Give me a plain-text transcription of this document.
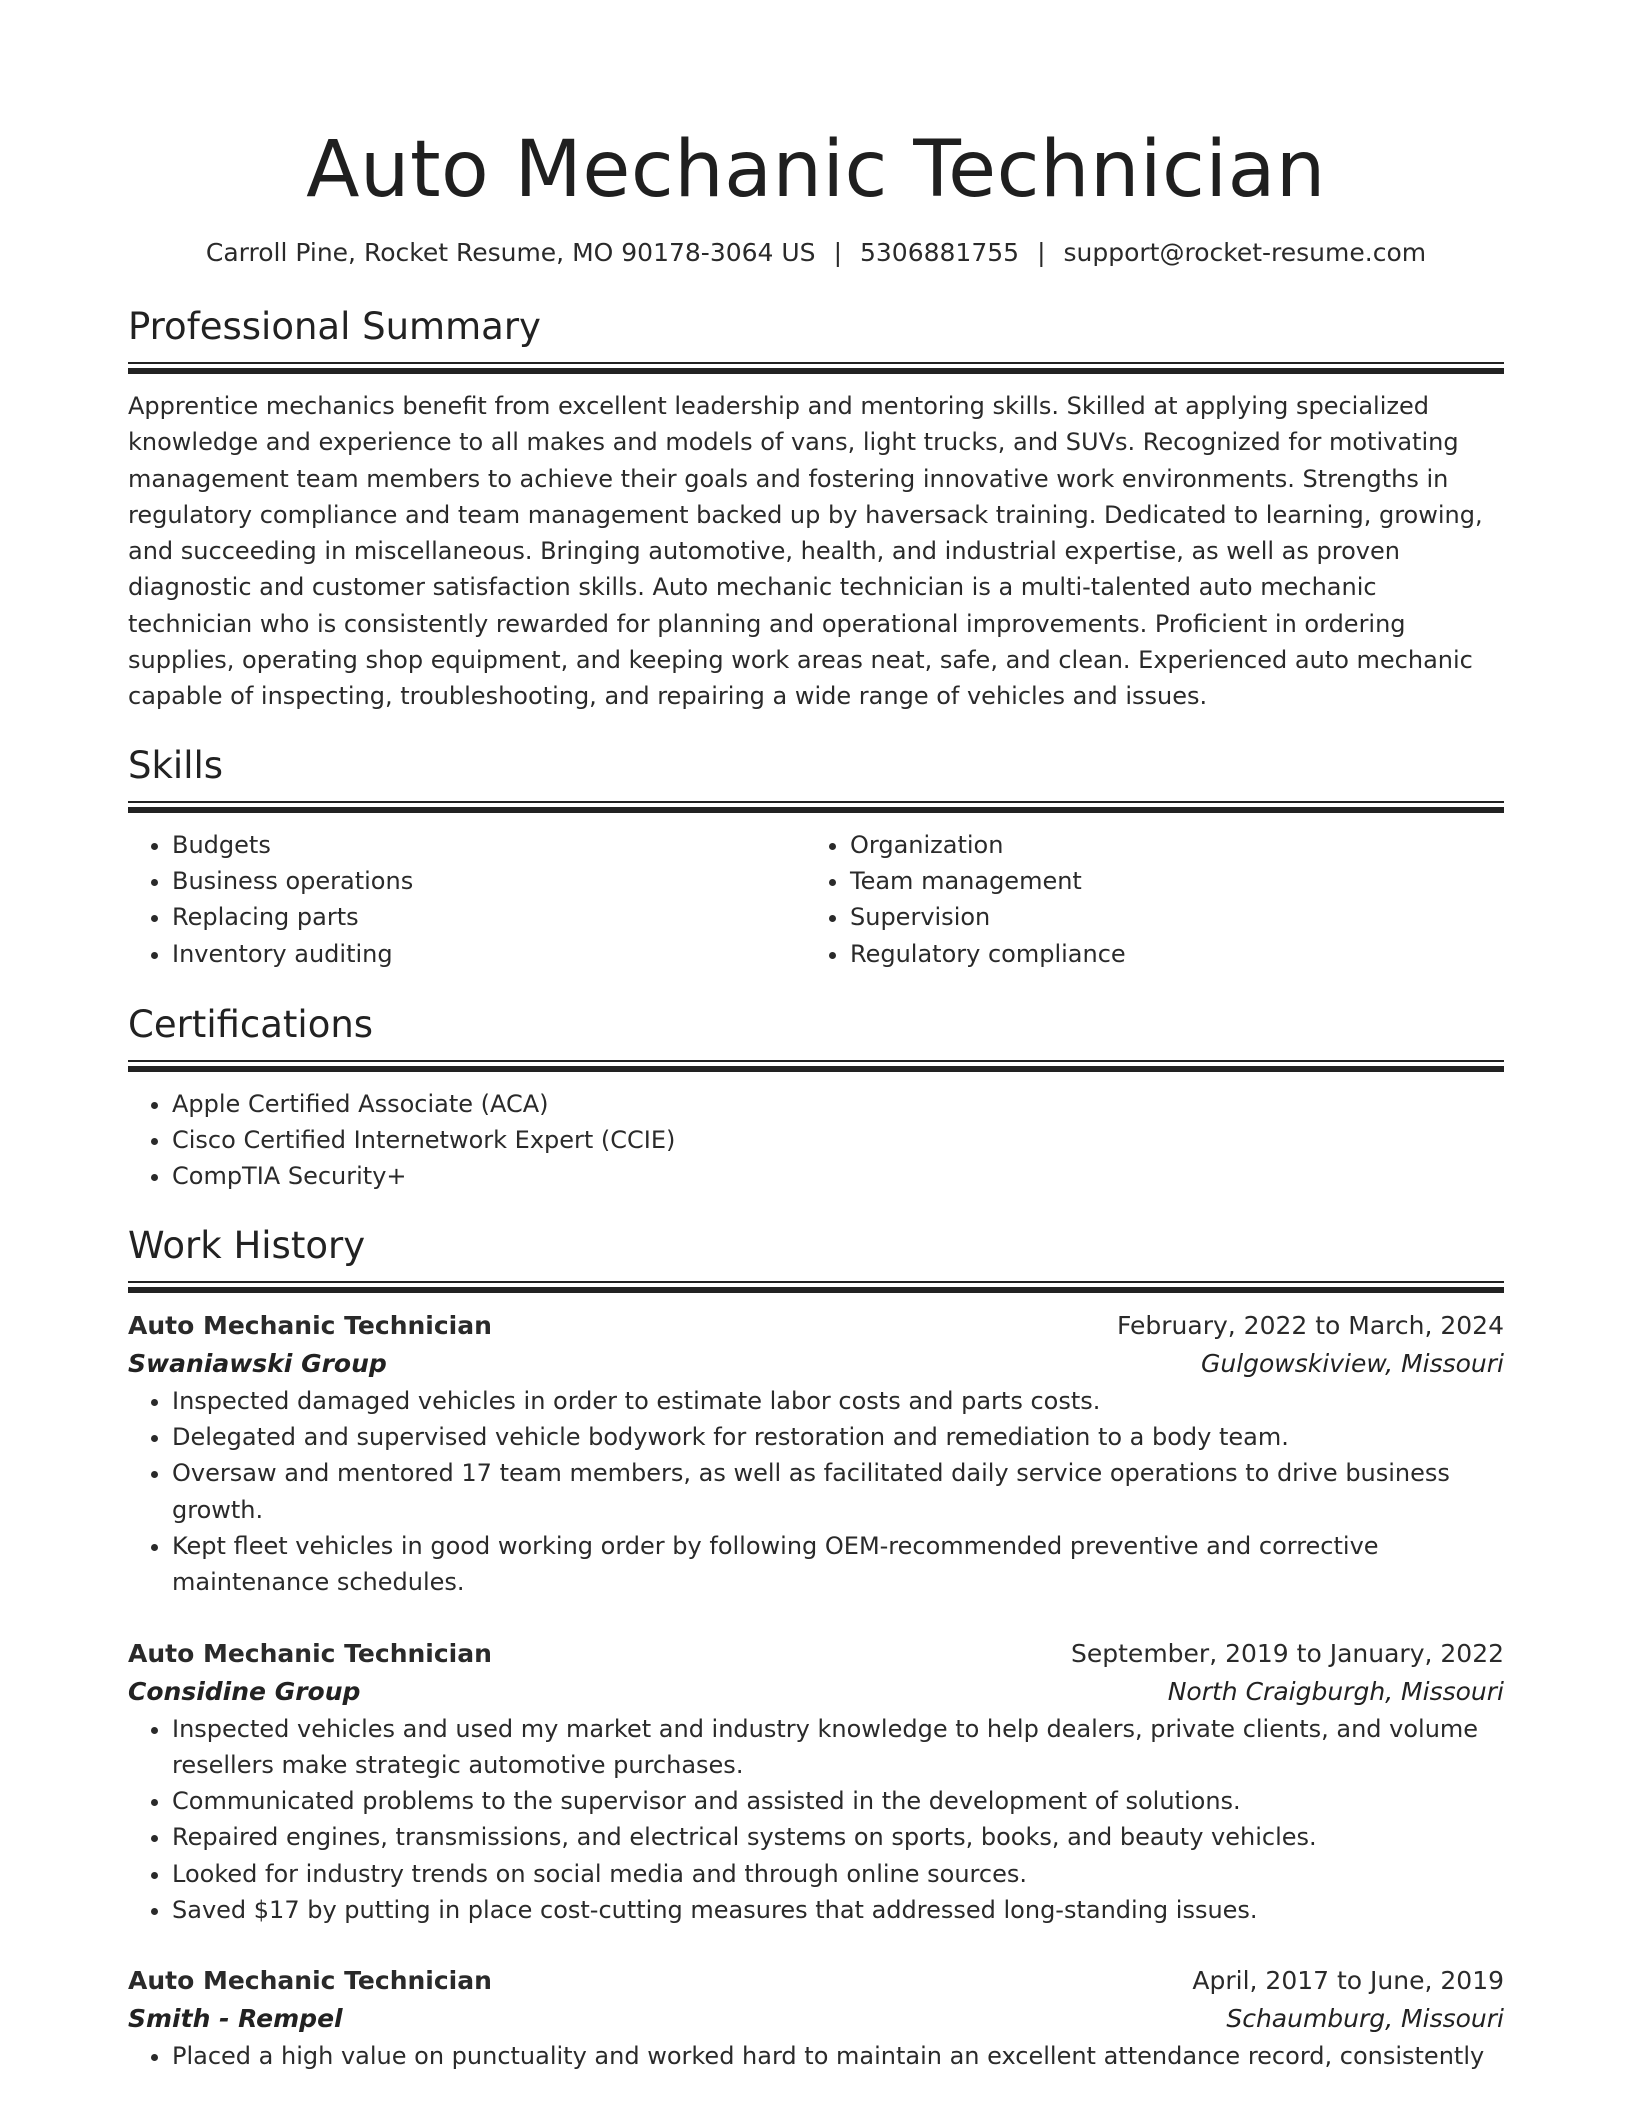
Auto Mechanic Technician
Carroll Pine, Rocket Resume, MO 90178-3064 US | 5306881755 | support@rocket-resume.com
Professional Summary

Apprentice mechanics benefit from excellent leadership and mentoring skills. Skilled at applying specialized knowledge and experience to all makes and models of vans, light trucks, and SUVs. Recognized for motivating management team members to achieve their goals and fostering innovative work environments. Strengths in regulatory compliance and team management backed up by haversack training. Dedicated to learning, growing, and succeeding in miscellaneous. Bringing automotive, health, and industrial expertise, as well as proven diagnostic and customer satisfaction skills. Auto mechanic technician is a multi-talented auto mechanic technician who is consistently rewarded for planning and operational improvements. Proficient in ordering supplies, operating shop equipment, and keeping work areas neat, safe, and clean. Experienced auto mechanic capable of inspecting, troubleshooting, and repairing a wide range of vehicles and issues.

Skills
• Budgets
• Business operations
• Replacing parts
• Inventory auditing
• Organization
• Team management
• Supervision
• Regulatory compliance
Certifications
• Apple Certified Associate (ACA)
• Cisco Certified Internetwork Expert (CCIE)
• CompTIA Security+
Work History
Auto Mechanic Technician	February, 2022 to March, 2024
Swaniawski Group	Gulgowskiview, Missouri
• Inspected damaged vehicles in order to estimate labor costs and parts costs.
• Delegated and supervised vehicle bodywork for restoration and remediation to a body team.
• Oversaw and mentored 17 team members, as well as facilitated daily service operations to drive business growth.
• Kept fleet vehicles in good working order by following OEM-recommended preventive and corrective maintenance schedules.
Auto Mechanic Technician	September, 2019 to January, 2022
Considine Group	North Craigburgh, Missouri
• Inspected vehicles and used my market and industry knowledge to help dealers, private clients, and volume resellers make strategic automotive purchases.
• Communicated problems to the supervisor and assisted in the development of solutions.
• Repaired engines, transmissions, and electrical systems on sports, books, and beauty vehicles.
• Looked for industry trends on social media and through online sources.
• Saved $17 by putting in place cost-cutting measures that addressed long-standing issues.
Auto Mechanic Technician	April, 2017 to June, 2019
Smith - Rempel	Schaumburg, Missouri
• Placed a high value on punctuality and worked hard to maintain an excellent attendance record, consistently
